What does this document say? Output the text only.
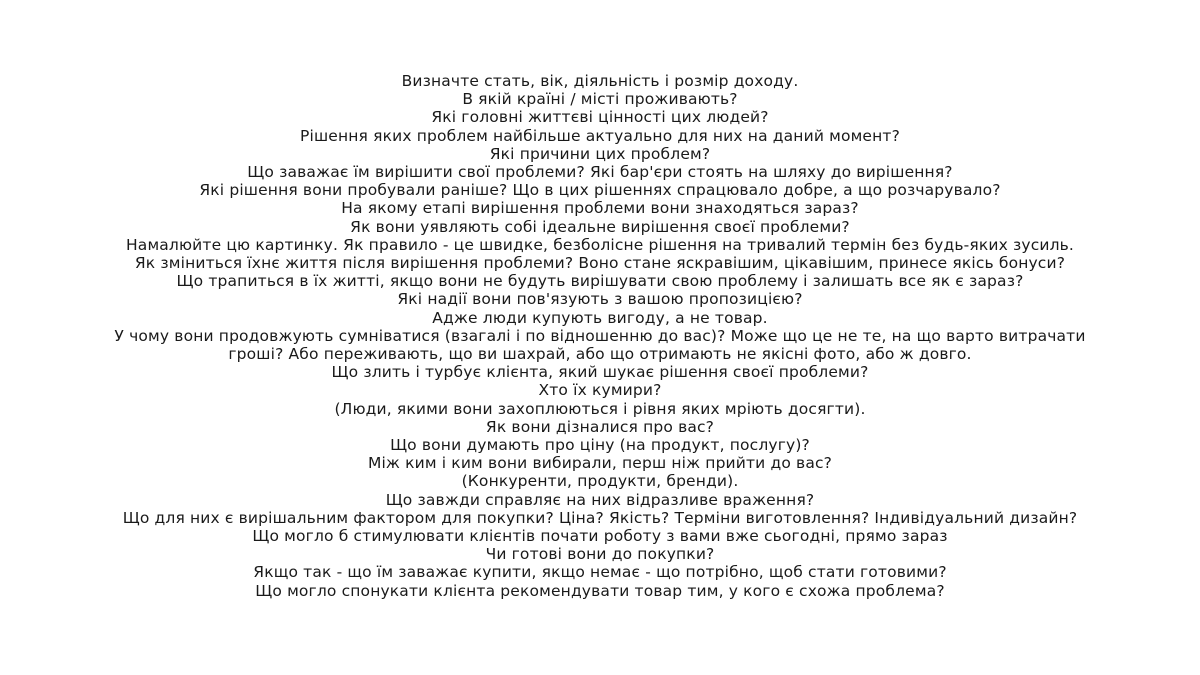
Визначте стать, вік, діяльність і розмір доходу.
В якій країні / місті проживають?
Які головні життєві цінності цих людей?
Рішення яких проблем найбільше актуально для них на даний момент?
Які причини цих проблем?
Що заважає їм вирішити свої проблеми? Які бар'єри стоять на шляху до вирішення?
Які рішення вони пробували раніше? Що в цих рішеннях спрацювало добре, а що розчарувало?
На якому етапі вирішення проблеми вони знаходяться зараз?
Як вони уявляють собі ідеальне вирішення своєї проблеми?
Намалюйте цю картинку. Як правило - це швидке, безболісне рішення на тривалий термін без будь-яких зусиль.
Як зміниться їхнє життя після вирішення проблеми? Воно стане яскравішим, цікавішим, принесе якісь бонуси?
Що трапиться в їх житті, якщо вони не будуть вирішувати свою проблему і залишать все як є зараз?
Які надії вони пов'язують з вашою пропозицією?
Адже люди купують вигоду, а не товар.
У чому вони продовжують сумніватися (взагалі і по відношенню до вас)? Може що це не те, на що варто витрачати
гроші? Або переживають, що ви шахрай, або що отримають не якісні фото, або ж довго.
Що злить і турбує клієнта, який шукає рішення своєї проблеми?
Хто їх кумири?
(Люди, якими вони захоплюються і рівня яких мріють досягти).
Як вони дізналися про вас?
Що вони думають про ціну (на продукт, послугу)?
Між ким і ким вони вибирали, перш ніж прийти до вас?
(Конкуренти, продукти, бренди).
Що завжди справляє на них відразливе враження?
Що для них є вирішальним фактором для покупки? Ціна? Якість? Терміни виготовлення? Індивідуальний дизайн?
Що могло б стимулювати клієнтів почати роботу з вами вже сьогодні, прямо зараз
Чи готові вони до покупки?
Якщо так - що їм заважає купити, якщо немає - що потрібно, щоб стати готовими?
Що могло спонукати клієнта рекомендувати товар тим, у кого є схожа проблема?
